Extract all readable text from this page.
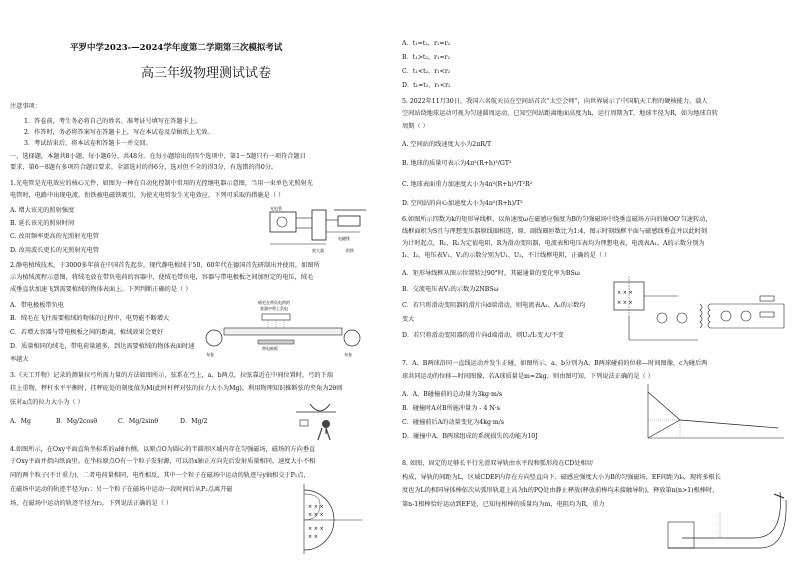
平罗中学2023-—2024学年度第二学期第三次模拟考试
高三年级物理测试试卷
注意事项：
1．答卷前，考生务必将自己的姓名、准考证号填写在答题卡上。
2．作答时，务必将答案写在答题卡上，写在本试卷及草稿纸上无效。
3．考试结束后，将本试卷和答题卡一并交回。
一、选择题，本题共8小题，每小题6分，共48分。在每小题给出的四个选项中，第1～5题只有一项符合题目
要求，第6～8题有多项符合题目要求。全部选对的得6分，选对但不全的得3分，有选错的得0分。
1.光电管是光电效应的核心元件，如图为一种在自动化控制中常用的光控继电器示意图，当用一束单色光照射光
电管时，电路中出现电流，衔铁被电磁铁吸引，为使光电管发生光电效应，下列可采取的措施是（ ）
A. 增大该光的照射强度
B. 延长该光的照射时间
C. 改用频率更高的光照射光电管
D. 改用波长更长的光照射光电管
光电管
放大器
电磁铁
衔铁
2.静电植绒技术，于3000多年前在中国首先起步，现代静电植绒于50、60年代在德国首先研制出并使用，如图所
示为植绒流程示意图，将绒毛放在带负电荷的容器中，使绒毛带负电，容器与带电极板之间加恒定的电压，绒毛
成垂直状加速飞到需要植绒的物体表面上。下列判断正确的是（ ）
A．带电极板带负电
B．绒毛在飞往需要植绒的物体的过程中，电势能不断增大
C．若增大容器与带电极板之间的距离，植绒效果会更好
D．质量相同的绒毛，带电荷量越多，到达需要植绒的物体表面时速
率越大
绒毛在带负电荷的
容器中带上负电
带电极板
布卷	布卷
3.《天工开物》记录的测量拉弓所需力量的方法如图所示，弦系在弓上，a、b两点，拉弦靠近在中间位置时，弓的下端
挂上重物，秤杆水平平衡时，挂秤砣处的刻度值为M(此时杆秤对弦的拉力大小为Mg)，利用物理知识推断弦的夹角为2θ则
弦对a点的拉力大小为（ ）
A．Mg	B．Mg/2cosθ	C．Mg/2sinθ	D．Mg/2
4.如图所示，在Oxy平面直角坐标系的a轴右侧，以原点O为圆心的半圆形区域内存在匀强磁场，磁场的方向垂直
于Oxy平面并指向纸面里。在坐标原点O有一个粒子发射源，可以沿x轴正方向先后发射质量相同、速度大小不相
同的两个粒子(不计重力)，二者电荷量相同，电性相反，其中一个粒子在磁场中运动的轨迹与y轴相交于P₁点，
在磁场中运动的轨迹半径为r₁；另一个粒子在磁场中运动一段时间后从P₂点离开磁
场，在磁场中运动的轨迹半径为r₂，下列说法正确的是（ ）	× × ×
× × ×
× × ×
× ×
A．t₁=t₂，r₁=r₂
B．t₁>t₂，r₁=r₂
C．t₁<t₂，r₁<r₂
D．t₁=t₂，r₁<r₂
5. 2022年11月30日，我国六名航天员在空间站首次“太空会师”，向世界展示了中国航天工程的硬核能力。载人
空间站绕地球运动可视为匀速圆周运动，已知空间站距离地面高度为h，运行周期为T，地球半径为R，如为地球自转
周期（ ）
A. 空间站的线速度大小为2πR/T
B. 地球的质量可表示为4π²(R+h)³/GT²
C. 地球表面重力加速度大小为4π²(R+h)³/T²R²
D. 空间站的向心加速度大小为4π²(R+h)/T²
6.如图所示四数为k的矩形导线框，以角速度ω在磁感应强度为B的匀强磁场中绕垂直磁场方向的轴OO'匀速转动，
线框面积为S且与理想变压器原线圈相连，原、副线圈匝数比为1:4，图示时刻线框平面与磁感线垂直并以此时刻
为计时起点，R₁、R₂为定值电阻，R为滑动变阻器，电流表和电压表均为理想电表，电流表A₁、A的示数分别为
I₁、I₂，电压表V₁、V₂的示数分别为U₁、U₂，不计线框电阻，正确的是（ ）
A．矩形导线框从图示位置转过90°时，其磁通量的变化率为BSω
B．交流电压表V₂的示数为2NBSω
C．若只将滑动变阻器的滑片向d端滑动，则电流表A₁、A₂的示数均
变大
D．若只将滑动变阻器的滑片向d端滑动，则U₂/I₂变大/不变
× × ×
× × ×
7．A、B两球沿同一直线运动并发生正碰，如图所示，a、b分别为A、B两球碰前的位移—时间图像，c为碰后两
球共同运动的位移—时间图像，若A球质量是m=2kg，则由图可知，下列说法正确的是（ ）
A．A、B碰撞前的总动量为3kg·m/s
B．碰撞时A对B所施冲量为 - 4 N·s
C．碰撞前后A的动量变化为4kg·m/s
D．碰撞中A、B两球组成的系统损失的动能为10J
8. 如图，固定的足够长平行光滑双导轨由水平段和弧形段在CD处相切
构成，导轨的间距为L，区域CDEF内存在方向竖直向下、磁感应强度大小为B的匀强磁场，EF间距为l₀，现将多根长
度也为L的相同导体棒依次从弧形轨道上高为h的PQ处由静止释放(释放前棒均未接触导轨)，释放第n(n>1)根棒时，
第n-1根棒恰好运动到EF处，已知每根棒的质量均为m，电阻均为R，重力
